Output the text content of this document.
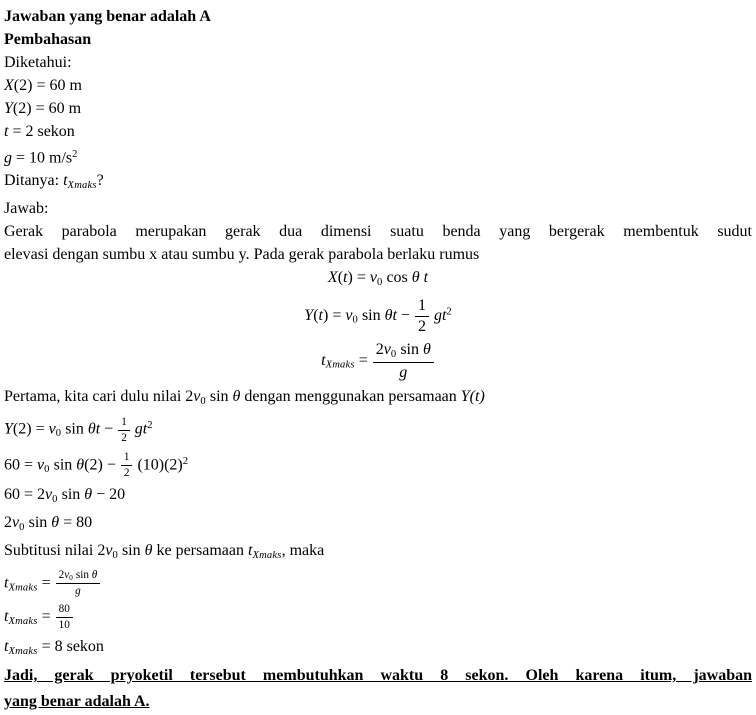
Jawaban yang benar adalah A
Pembahasan
Diketahui:
X(2) = 60 m
Y(2) = 60 m
t = 2 sekon
g = 10 $m/s^2$
Ditanya: tXmaks?
Jawab:
Gerak parabola merupakan gerak dua dimensi suatu benda yang bergerak membentuk sudut
elevasi dengan sumbu x atau sumbu y. Pada gerak parabola berlaku rumus
X(t) = v0 cos θ t
Y(t) = v0 $\sin \theta t - \frac{1}{2} gt^2$
tXmaks = $\frac{\text{2v0 sin θ}}{g}$
Pertama, kita cari dulu nilai 2v0 sin θ dengan menggunakan persamaan Y(t)
Y(2) = v0 $\sin \theta t - \frac{1}{2} gt^2$
60 = v0 $\sin \theta(2) - \frac{1}{2} (10)(2)^2$
60 = 2v0 sin θ − 20
2v0 sin θ = 80
Subtitusi nilai 2v0 sin θ ke persamaan tXmaks, maka
tXmaks = $\frac{\text{2v0 sin θ}}{g}$
tXmaks = $\frac{80}{10}$
tXmaks = 8 sekon
Jadi, gerak pryoketil tersebut membutuhkan waktu 8 sekon. Oleh karena itum, jawaban
yang benar adalah A.
